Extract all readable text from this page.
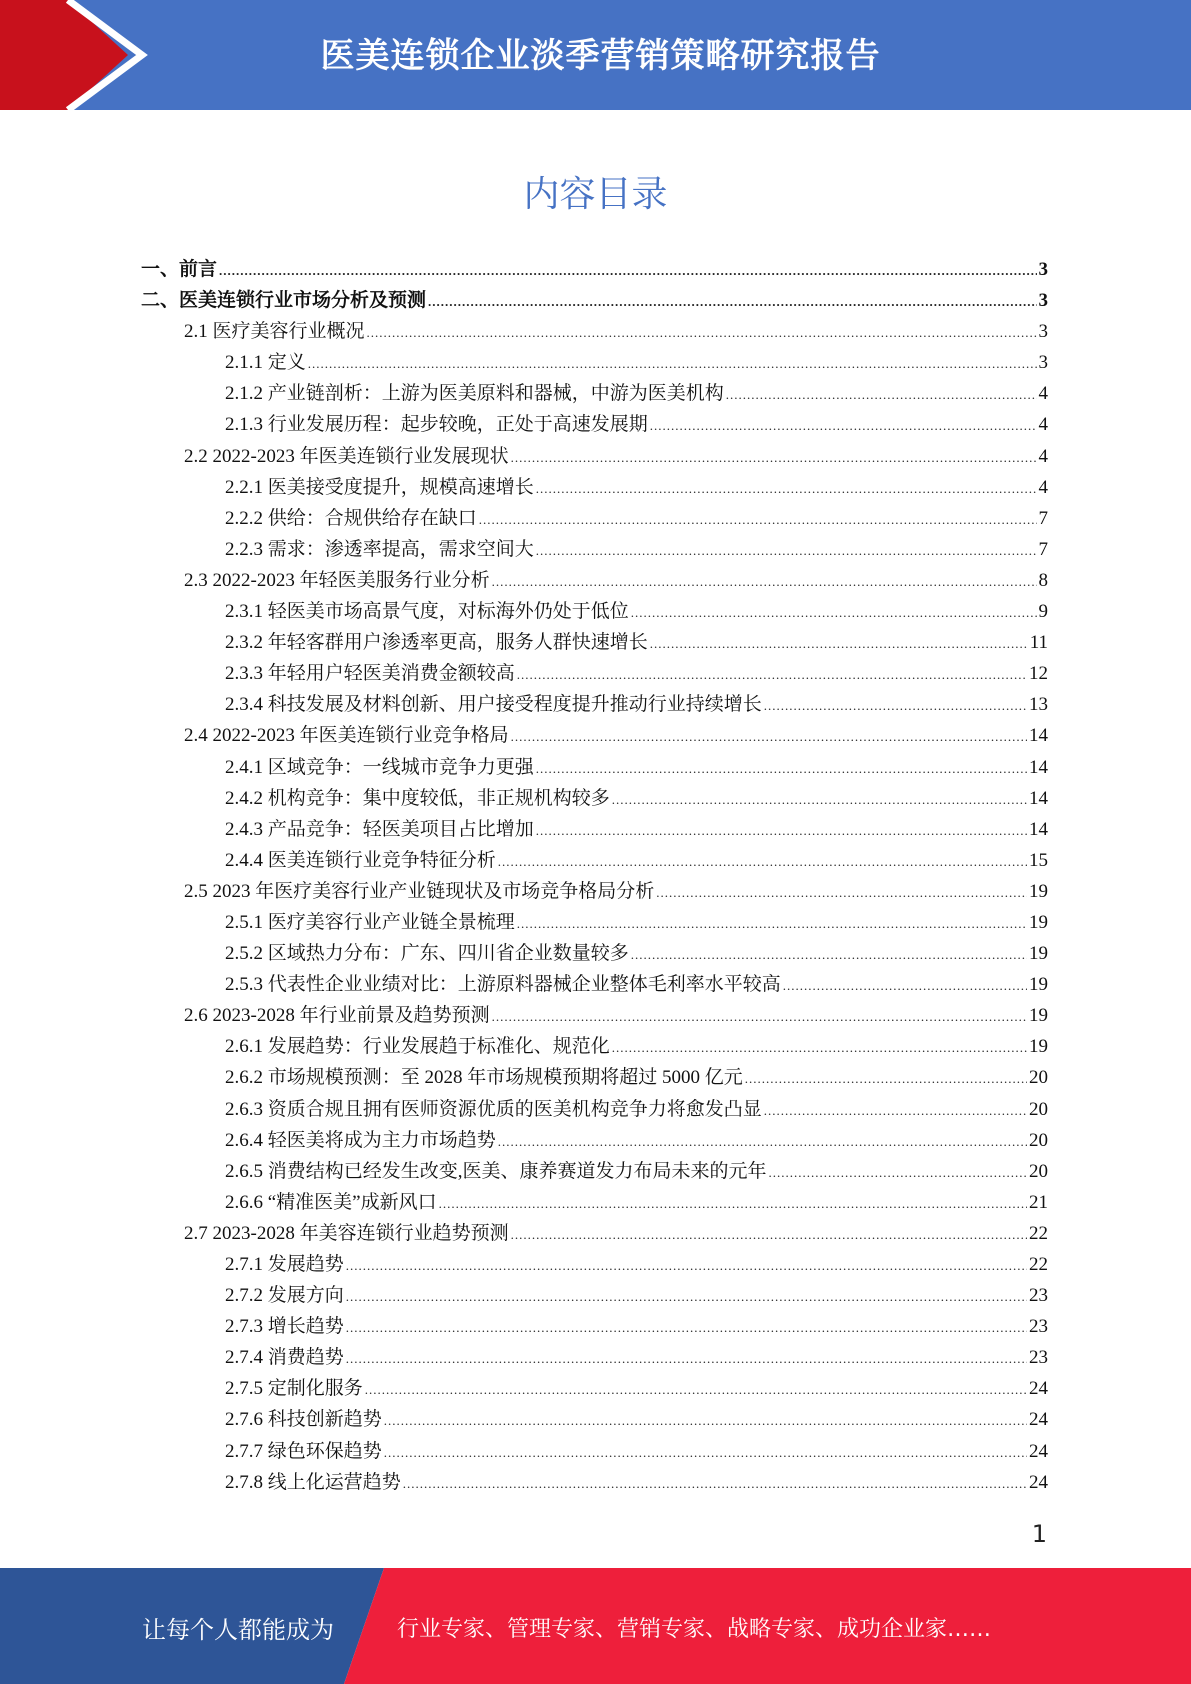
医美连锁企业淡季营销策略研究报告
内容目录
一、前言 .....	3
二、医美连锁行业市场分析及预测 .....	3
2.1 医疗美容行业概况 .....	3
2.1.1 定义 .....	3
2.1.2 产业链剖析：上游为医美原料和器械，中游为医美机构 .....	4
2.1.3 行业发展历程：起步较晚，正处于高速发展期 .....	4
2.2 2022-2023 年医美连锁行业发展现状 .....	4
2.2.1 医美接受度提升，规模高速增长 .....	4
2.2.2 供给：合规供给存在缺口 .....	7
2.2.3 需求：渗透率提高，需求空间大 .....	7
2.3 2022-2023 年轻医美服务行业分析 .....	8
2.3.1 轻医美市场高景气度，对标海外仍处于低位 .....	9
2.3.2 年轻客群用户渗透率更高，服务人群快速增长 .....	11
2.3.3 年轻用户轻医美消费金额较高 .....	12
2.3.4 科技发展及材料创新、用户接受程度提升推动行业持续增长 .....	13
2.4 2022-2023 年医美连锁行业竞争格局 .....	14
2.4.1 区域竞争：一线城市竞争力更强 .....	14
2.4.2 机构竞争：集中度较低，非正规机构较多 .....	14
2.4.3 产品竞争：轻医美项目占比增加 .....	14
2.4.4 医美连锁行业竞争特征分析 .....	15
2.5 2023 年医疗美容行业产业链现状及市场竞争格局分析 .....	19
2.5.1 医疗美容行业产业链全景梳理 .....	19
2.5.2 区域热力分布：广东、四川省企业数量较多 .....	19
2.5.3 代表性企业业绩对比：上游原料器械企业整体毛利率水平较高 .....	19
2.6 2023-2028 年行业前景及趋势预测 .....	19
2.6.1 发展趋势：行业发展趋于标准化、规范化 .....	19
2.6.2 市场规模预测：至 2028 年市场规模预期将超过 5000 亿元 .....	20
2.6.3 资质合规且拥有医师资源优质的医美机构竞争力将愈发凸显 .....	20
2.6.4 轻医美将成为主力市场趋势 .....	20
2.6.5 消费结构已经发生改变,医美、康养赛道发力布局未来的元年 .....	20
2.6.6 “精准医美”成新风口 .....	21
2.7 2023-2028 年美容连锁行业趋势预测 .....	22
2.7.1 发展趋势 .....	22
2.7.2 发展方向 .....	23
2.7.3 增长趋势 .....	23
2.7.4 消费趋势 .....	23
2.7.5 定制化服务 .....	24
2.7.6 科技创新趋势 .....	24
2.7.7 绿色环保趋势 .....	24
2.7.8 线上化运营趋势 .....	24
1
让每个人都能成为	行业专家、管理专家、营销专家、战略专家、成功企业家……
